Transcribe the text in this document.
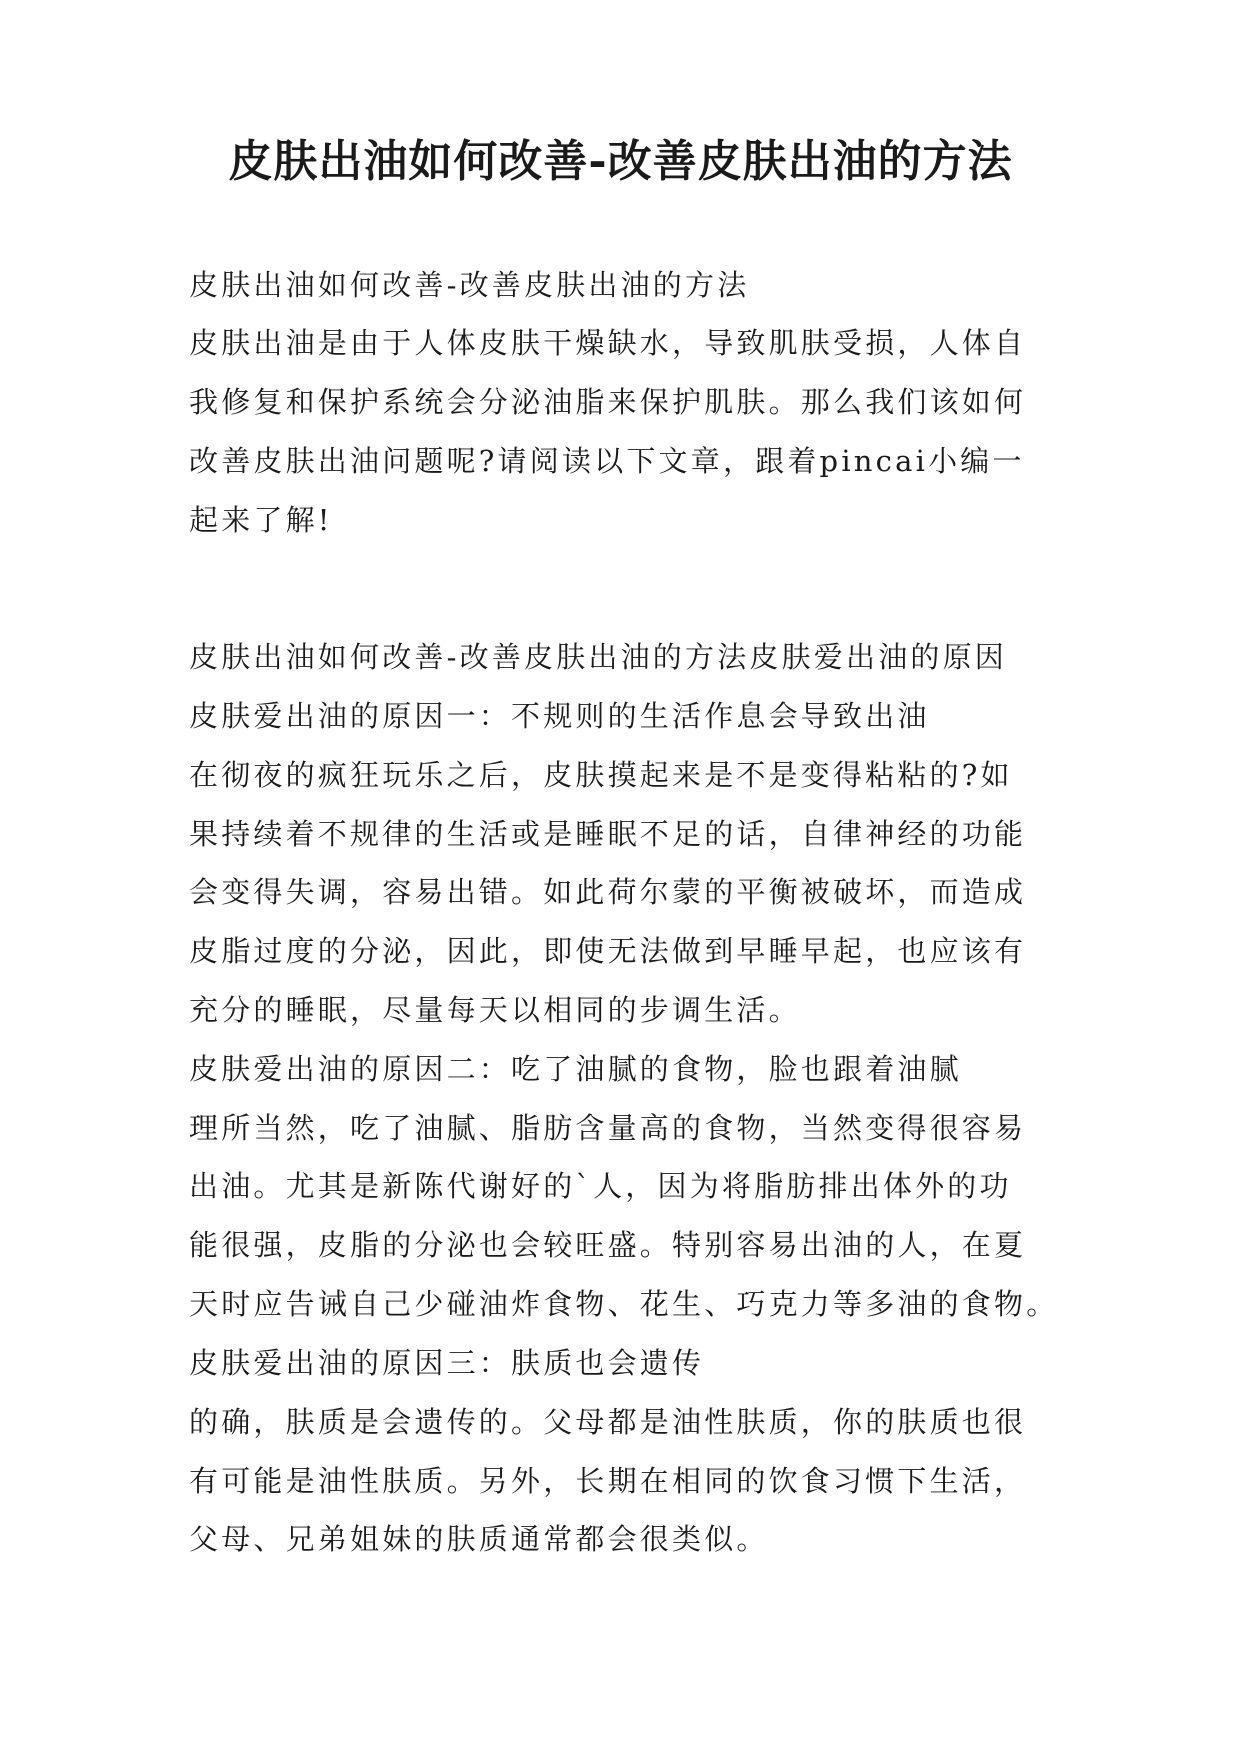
皮肤出油如何改善-改善皮肤出油的方法
皮肤出油如何改善-改善皮肤出油的方法
皮肤出油是由于人体皮肤干燥缺水，导致肌肤受损，人体自
我修复和保护系统会分泌油脂来保护肌肤。那么我们该如何
改善皮肤出油问题呢?请阅读以下文章，跟着pincai小编一
起来了解!
皮肤出油如何改善-改善皮肤出油的方法皮肤爱出油的原因
皮肤爱出油的原因一：不规则的生活作息会导致出油
在彻夜的疯狂玩乐之后，皮肤摸起来是不是变得粘粘的?如
果持续着不规律的生活或是睡眠不足的话，自律神经的功能
会变得失调，容易出错。如此荷尔蒙的平衡被破坏，而造成
皮脂过度的分泌，因此，即使无法做到早睡早起，也应该有
充分的睡眠，尽量每天以相同的步调生活。
皮肤爱出油的原因二：吃了油腻的食物，脸也跟着油腻
理所当然，吃了油腻、脂肪含量高的食物，当然变得很容易
出油。尤其是新陈代谢好的`人，因为将脂肪排出体外的功
能很强，皮脂的分泌也会较旺盛。特别容易出油的人，在夏
天时应告诫自己少碰油炸食物、花生、巧克力等多油的食物。
皮肤爱出油的原因三：肤质也会遗传
的确，肤质是会遗传的。父母都是油性肤质，你的肤质也很
有可能是油性肤质。另外，长期在相同的饮食习惯下生活，
父母、兄弟姐妹的肤质通常都会很类似。
